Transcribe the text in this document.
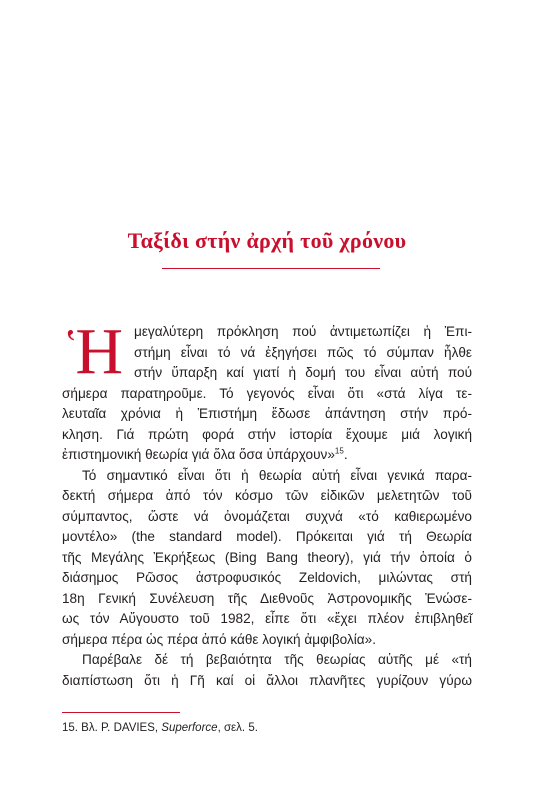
Ταξίδι στήν ἀρχή τοῦ χρόνου
$^ʽ$Η μεγαλύτερη πρόκληση πού ἀντιμετωπίζει ἡ Ἐπι-
στήμη εἶναι τό νά ἐξηγήσει πῶς τό σύμπαν ἦλθε
στήν ὕπαρξη καί γιατί ἡ δομή του εἶναι αὐτή πού
σήμερα παρατηροῦμε. Τό γεγονός εἶναι ὅτι «στά λίγα τε-
λευταῖα χρόνια ἡ Ἐπιστήμη ἔδωσε ἀπάντηση στήν πρό-
κληση. Γιά πρώτη φορά στήν ἱστορία ἔχουμε μιά λογική
ἐπιστημονική θεωρία γιά ὅλα ὅσα ὑπάρχουν»$^{15}$.
Τό σημαντικό εἶναι ὅτι ἡ θεωρία αὐτή εἶναι γενικά παρα-
δεκτή σήμερα ἀπό τόν κόσμο τῶν εἰδικῶν μελετητῶν τοῦ
σύμπαντος, ὥστε νά ὀνομάζεται συχνά «τό καθιερωμένο
μοντέλο» (the standard model). Πρόκειται γιά τή Θεωρία
τῆς Μεγάλης Ἐκρήξεως (Bing Bang theory), γιά τήν ὁποία ὁ
διάσημος Ρῶσος ἀστροφυσικός Zeldovich, μιλώντας στή
18η Γενική Συνέλευση τῆς Διεθνοῦς Ἀστρονομικῆς Ἑνώσε-
ως τόν Αὔγουστο τοῦ 1982, εἶπε ὅτι «ἔχει πλέον ἐπιβληθεῖ
σήμερα πέρα ὡς πέρα ἀπό κάθε λογική ἀμφιβολία».
Παρέβαλε δέ τή βεβαιότητα τῆς θεωρίας αὐτῆς μέ «τή
διαπίστωση ὅτι ἡ Γῆ καί οἱ ἄλλοι πλανῆτες γυρίζουν γύρω
15. Βλ. P. DAVIES, Superforce, σελ. 5.
